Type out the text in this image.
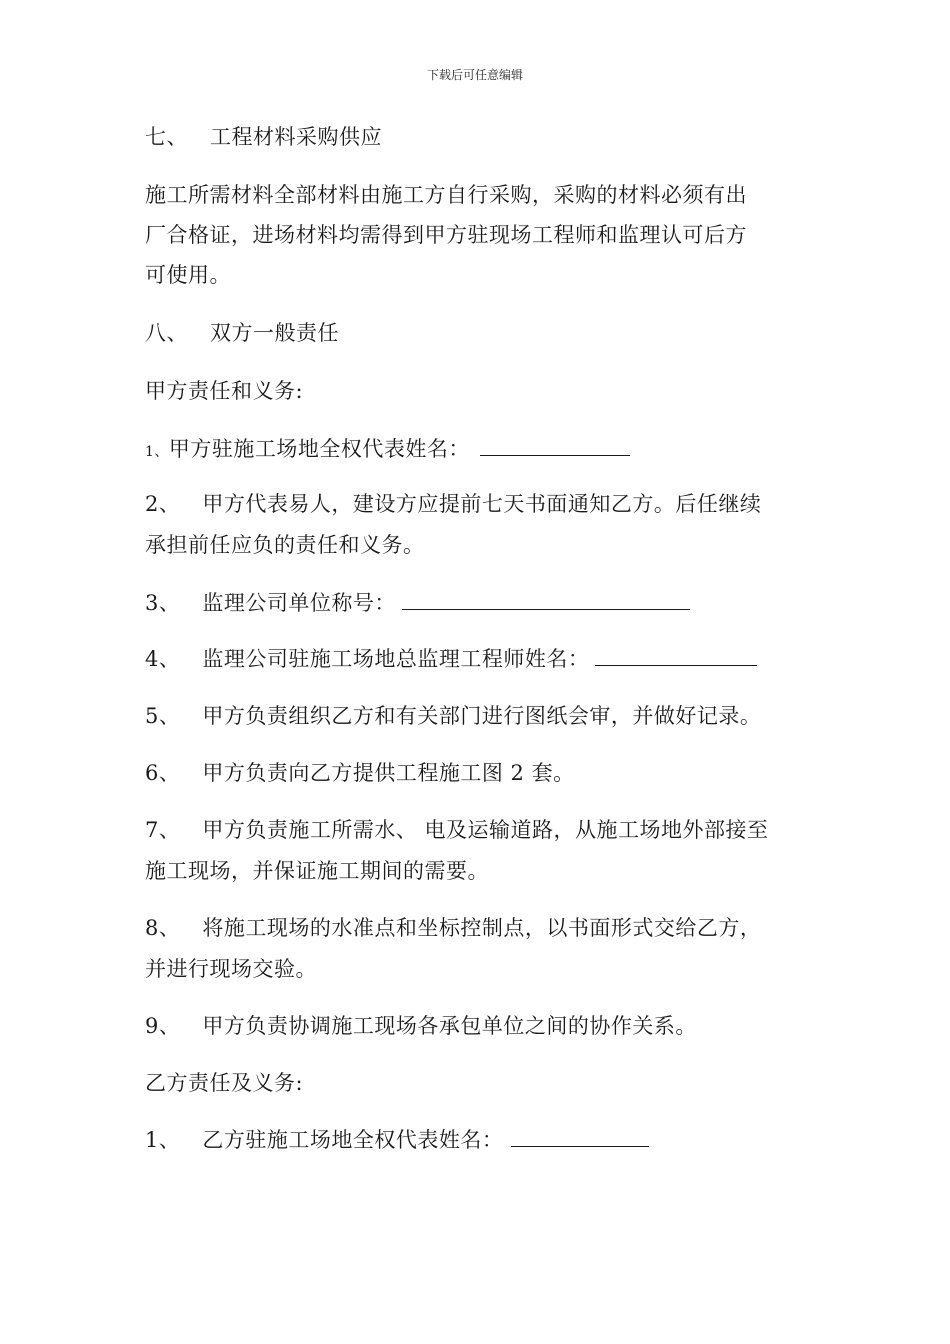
下载后可任意编辑
七、 工程材料采购供应
施工所需材料全部材料由施工方自行采购，采购的材料必须有出
厂合格证，进场材料均需得到甲方驻现场工程师和监理认可后方
可使用。
八、 双方一般责任
甲方责任和义务:
1、甲方驻施工场地全权代表姓名：
2、 甲方代表易人，建设方应提前七天书面通知乙方。后任继续
承担前任应负的责任和义务。
3、 监理公司单位称号：
4、 监理公司驻施工场地总监理工程师姓名：
5、 甲方负责组织乙方和有关部门进行图纸会审，并做好记录。
6、 甲方负责向乙方提供工程施工图 2 套。
7、 甲方负责施工所需水、 电及运输道路，从施工场地外部接至
施工现场，并保证施工期间的需要。
8、 将施工现场的水准点和坐标控制点，以书面形式交给乙方，
并进行现场交验。
9、 甲方负责协调施工现场各承包单位之间的协作关系。
乙方责任及义务:
1、 乙方驻施工场地全权代表姓名：
